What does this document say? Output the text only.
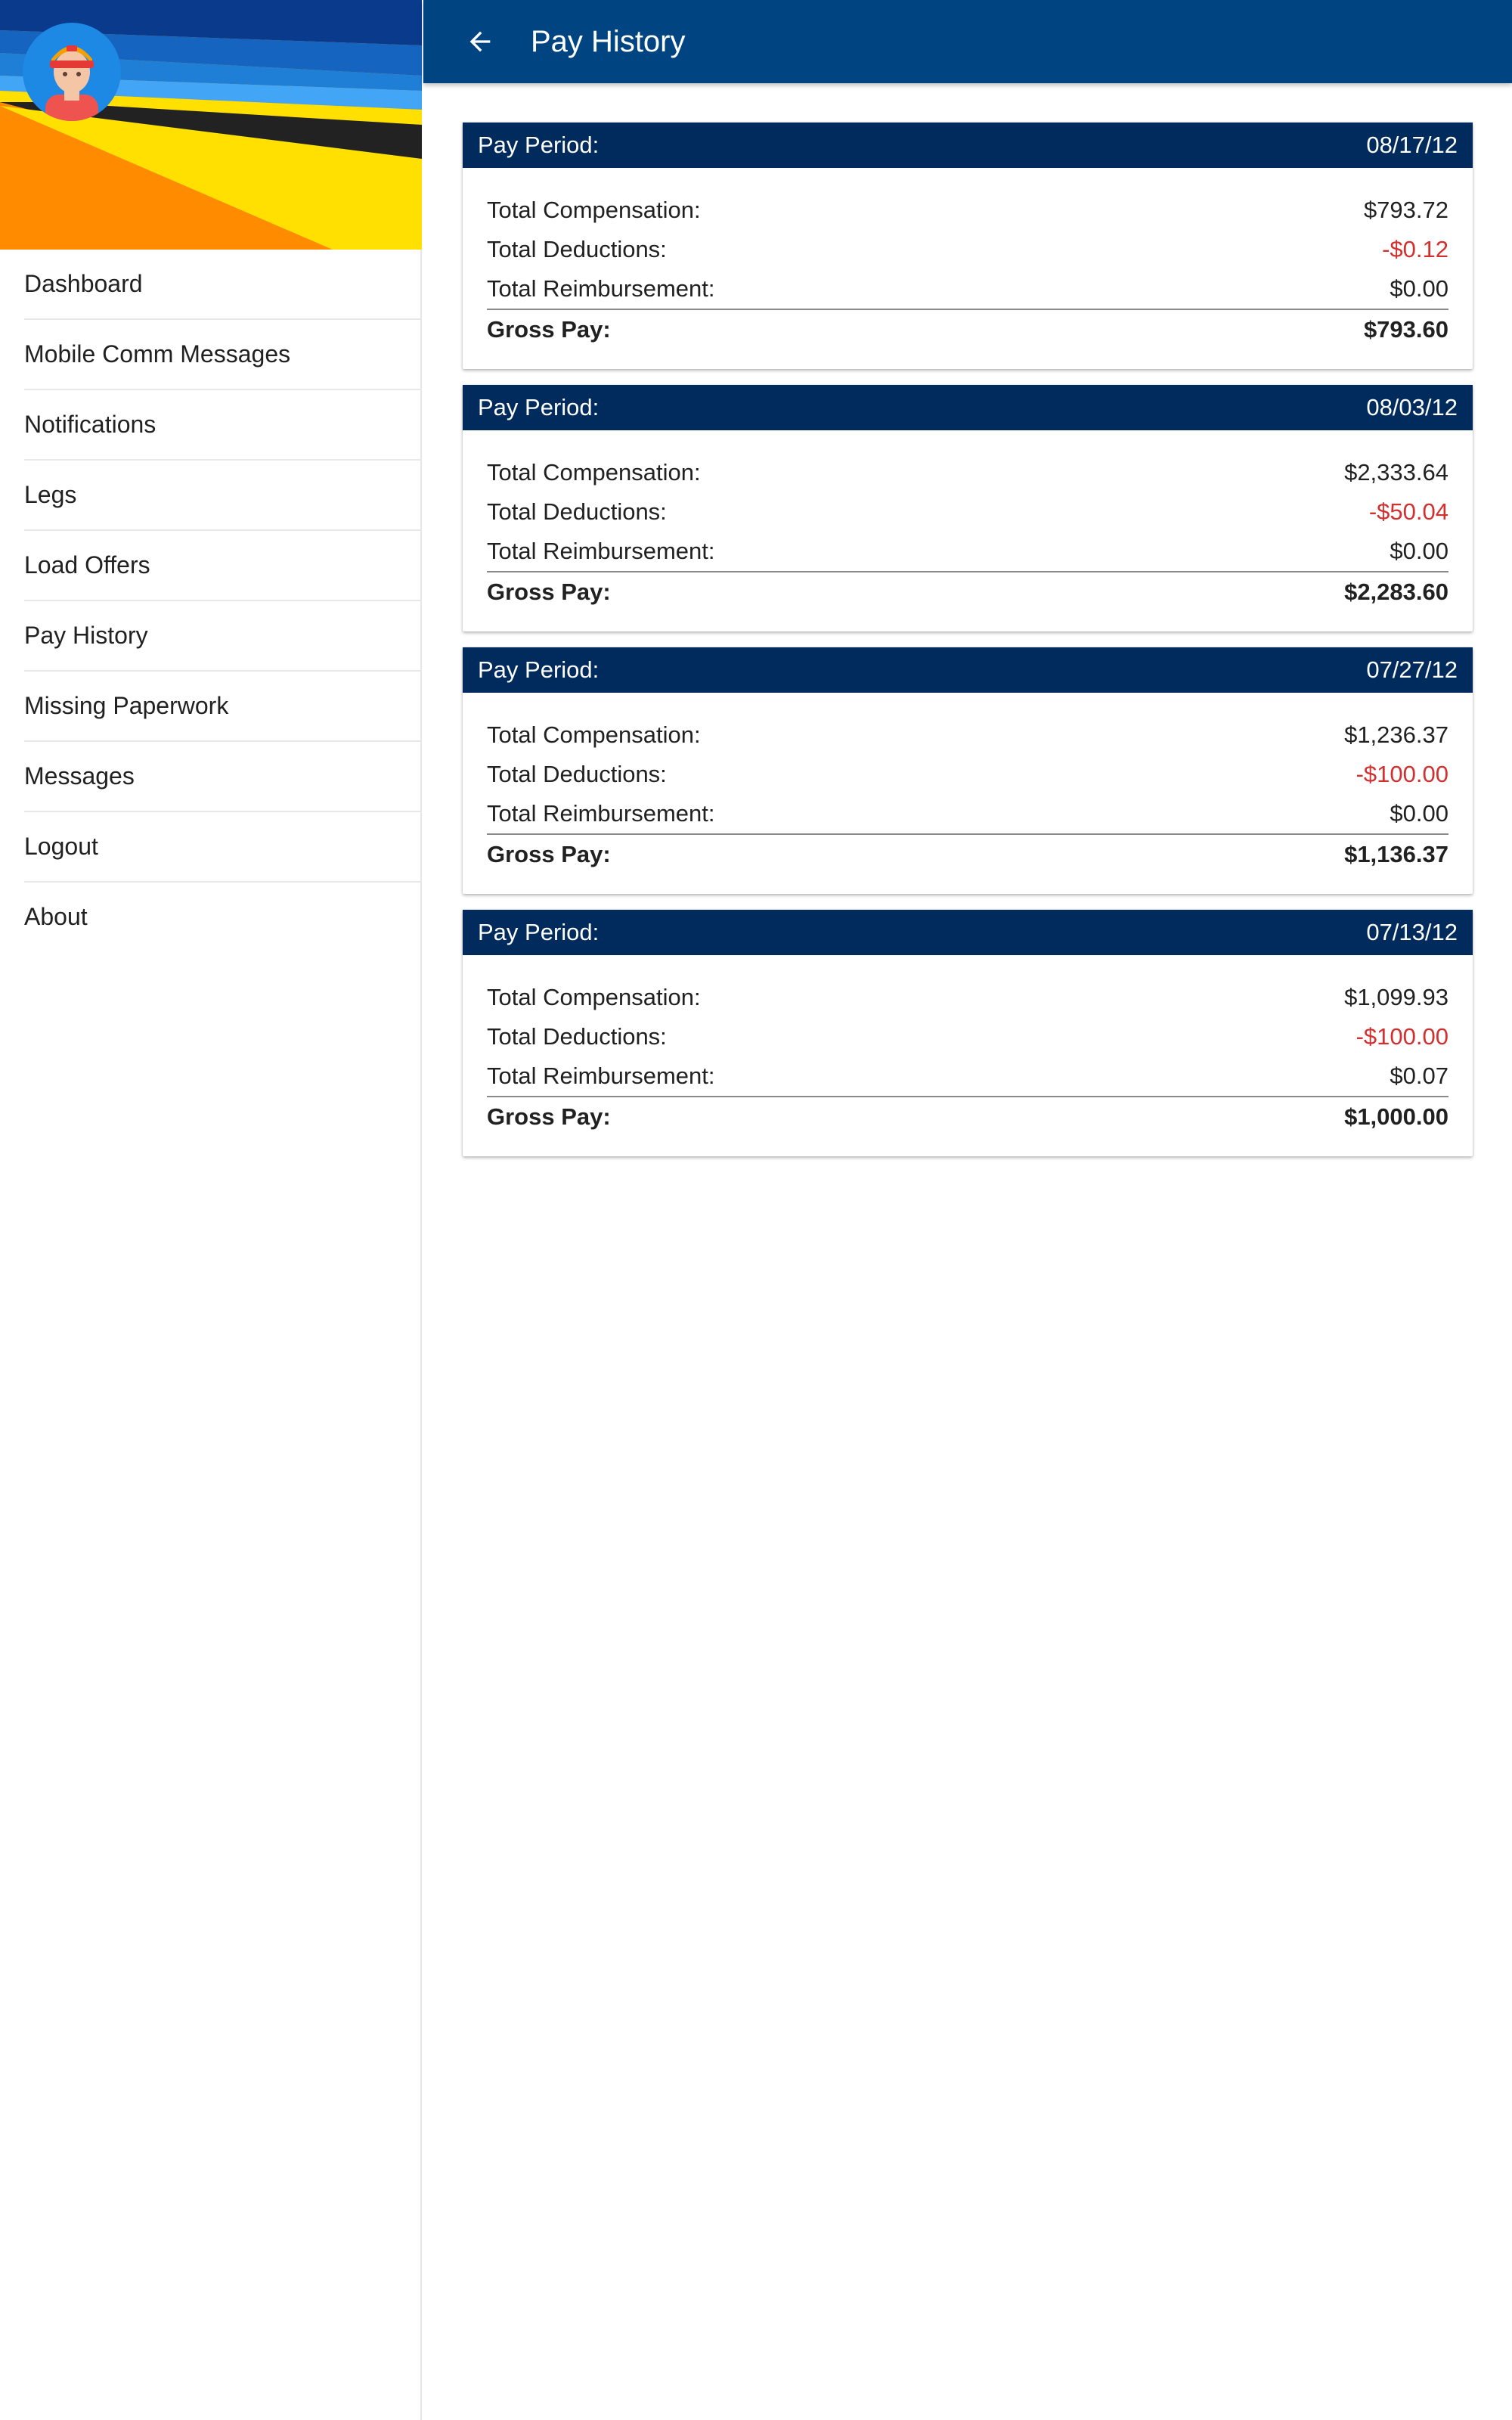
Dashboard
Mobile Comm Messages
Notifications
Legs
Load Offers
Pay History
Missing Paperwork
Messages
Logout
About
Pay History
Pay Period:	08/17/12
Total Compensation:	$793.72
Total Deductions:	-$0.12
Total Reimbursement:	$0.00
Gross Pay:	$793.60
Pay Period:	08/03/12
Total Compensation:	$2,333.64
Total Deductions:	-$50.04
Total Reimbursement:	$0.00
Gross Pay:	$2,283.60
Pay Period:	07/27/12
Total Compensation:	$1,236.37
Total Deductions:	-$100.00
Total Reimbursement:	$0.00
Gross Pay:	$1,136.37
Pay Period:	07/13/12
Total Compensation:	$1,099.93
Total Deductions:	-$100.00
Total Reimbursement:	$0.07
Gross Pay:	$1,000.00
